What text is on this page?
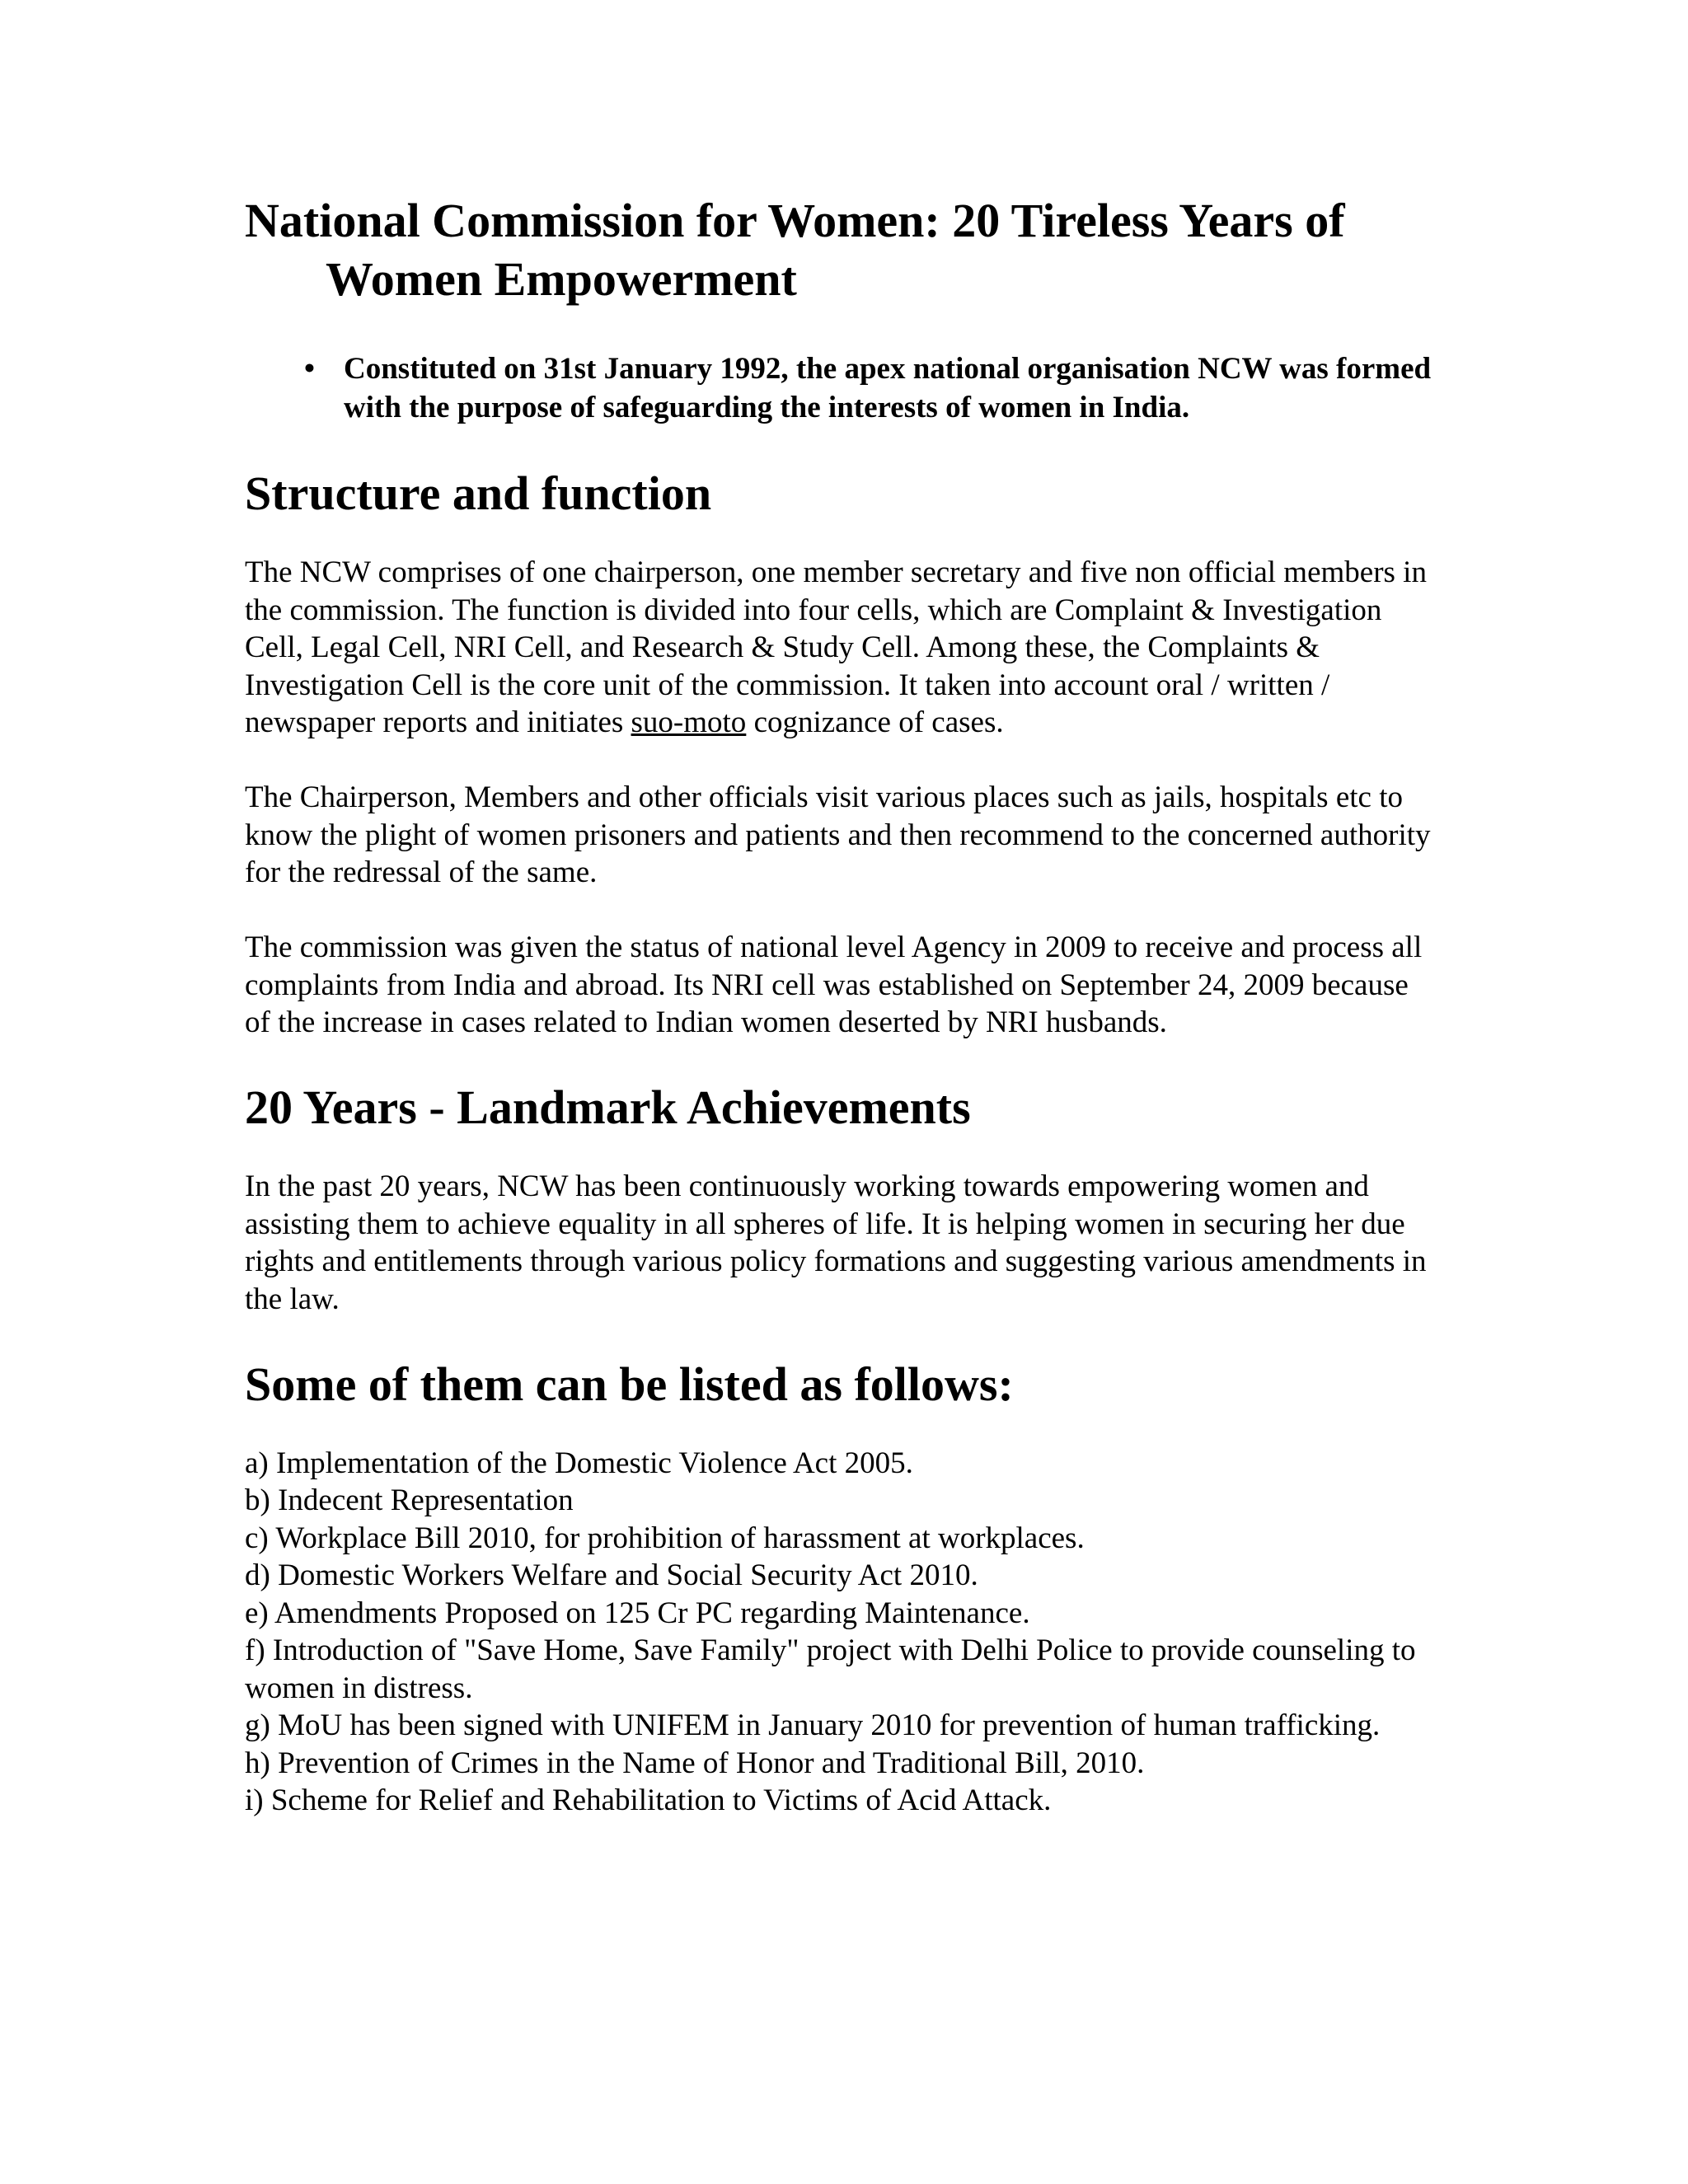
National Commission for Women: 20 Tireless Years of Women Empowerment
• Constituted on 31st January 1992, the apex national organisation NCW was formed with the purpose of safeguarding the interests of women in India.
Structure and function

The NCW comprises of one chairperson, one member secretary and five non official members in the commission. The function is divided into four cells, which are Complaint & Investigation Cell, Legal Cell, NRI Cell, and Research & Study Cell. Among these, the Complaints & Investigation Cell is the core unit of the commission. It taken into account oral / written / newspaper reports and initiates suo-moto cognizance of cases.

The Chairperson, Members and other officials visit various places such as jails, hospitals etc to know the plight of women prisoners and patients and then recommend to the concerned authority for the redressal of the same.

The commission was given the status of national level Agency in 2009 to receive and process all complaints from India and abroad. Its NRI cell was established on September 24, 2009 because of the increase in cases related to Indian women deserted by NRI husbands.

20 Years - Landmark Achievements

In the past 20 years, NCW has been continuously working towards empowering women and assisting them to achieve equality in all spheres of life. It is helping women in securing her due rights and entitlements through various policy formations and suggesting various amendments in the law.

Some of them can be listed as follows:
a) Implementation of the Domestic Violence Act 2005.
b) Indecent Representation
c) Workplace Bill 2010, for prohibition of harassment at workplaces.
d) Domestic Workers Welfare and Social Security Act 2010.
e) Amendments Proposed on 125 Cr PC regarding Maintenance.
f) Introduction of "Save Home, Save Family" project with Delhi Police to provide counseling to women in distress.
g) MoU has been signed with UNIFEM in January 2010 for prevention of human trafficking.
h) Prevention of Crimes in the Name of Honor and Traditional Bill, 2010.
i) Scheme for Relief and Rehabilitation to Victims of Acid Attack.
